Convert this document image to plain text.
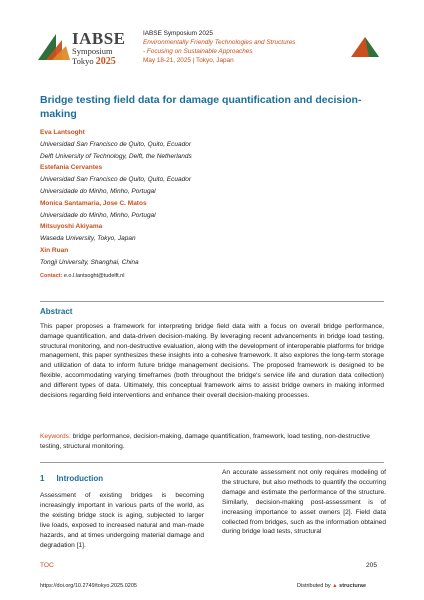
IABSE
Symposium
Tokyo 2025
IABSE Symposium 2025
Environmentally Friendly Technologies and Structures
- Focusing on Sustainable Approaches
May 18-21, 2025 | Tokyo, Japan
Bridge testing field data for damage quantification and decision-making
Eva Lantsoght
Universidad San Francisco de Quito, Quito, Ecuador
Delft University of Technology, Delft, the Netherlands
Estefania Cervantes
Universidad San Francisco de Quito, Quito, Ecuador
Universidade do Minho, Minho, Portugal
Monica Santamaria, Jose C. Matos
Universidade do Minho, Minho, Portugal
Mitsuyoshi Akiyama
Waseda University, Tokyo, Japan
Xin Ruan
Tongji University, Shanghai, China
Contact: e.o.l.lantsoght@tudelft.nl
Abstract
This paper proposes a framework for interpreting bridge field data with a focus on overall bridge performance, damage quantification, and data-driven decision-making. By leveraging recent advancements in bridge load testing, structural monitoring, and non-destructive evaluation, along with the development of interoperable platforms for bridge management, this paper synthesizes these insights into a cohesive framework. It also explores the long-term storage and utilization of data to inform future bridge management decisions. The proposed framework is designed to be flexible, accommodating varying timeframes (both throughout the bridge's service life and duration data collection) and different types of data. Ultimately, this conceptual framework aims to assist bridge owners in making informed decisions regarding field interventions and enhance their overall decision-making processes.
Keywords: bridge performance, decision-making, damage quantification, framework, load testing, non-destructive testing, structural monitoring.
1 Introduction
Assessment of existing bridges is becoming increasingly important in various parts of the world, as the existing bridge stock is aging, subjected to larger live loads, exposed to increased natural and man-made hazards, and at times undergoing material damage and degradation [1].
An accurate assessment not only requires modeling of the structure, but also methods to quantify the occurring damage and estimate the performance of the structure. Similarly, decision-making post-assessment is of increasing importance to asset owners [2]. Field data collected from bridges, such as the information obtained during bridge load tests, structural
TOC	205
https://doi.org/10.2749/tokyo.2025.0205	Distributed by ▲ structurae
